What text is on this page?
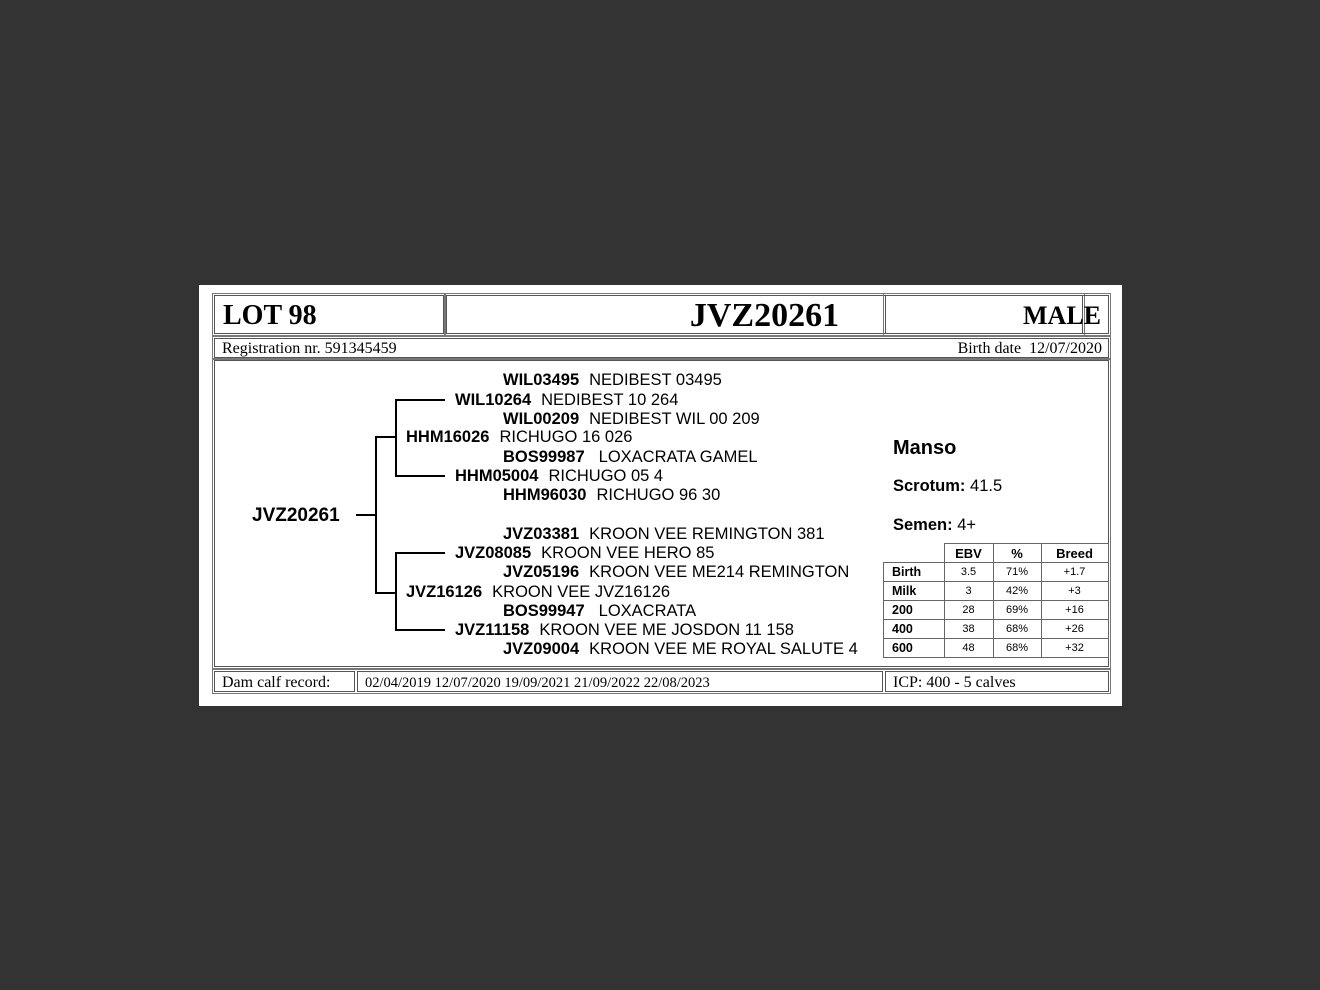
LOT 98	JVZ20261	MALE
Registration nr. 591345459	Birth date 12/07/2020
JVZ20261
WIL03495 NEDIBEST 03495
WIL10264 NEDIBEST 10 264
WIL00209 NEDIBEST WIL 00 209
HHM16026 RICHUGO 16 026
BOS99987 LOXACRATA GAMEL
HHM05004 RICHUGO 05 4
HHM96030 RICHUGO 96 30
JVZ03381 KROON VEE REMINGTON 381
JVZ08085 KROON VEE HERO 85
JVZ05196 KROON VEE ME214 REMINGTON
JVZ16126 KROON VEE JVZ16126
BOS99947 LOXACRATA
JVZ11158 KROON VEE ME JOSDON 11 158
JVZ09004 KROON VEE ME ROYAL SALUTE 4
Manso
Scrotum: 41.5
Semen: 4+
	EBV	%	Breed
Birth	3.5	71%	+1.7
Milk	3	42%	+3
200	28	69%	+16
400	38	68%	+26
600	48	68%	+32
Dam calf record: 02/04/2019 12/07/2020 19/09/2021 21/09/2022 22/08/2023	ICP: 400 - 5 calves
